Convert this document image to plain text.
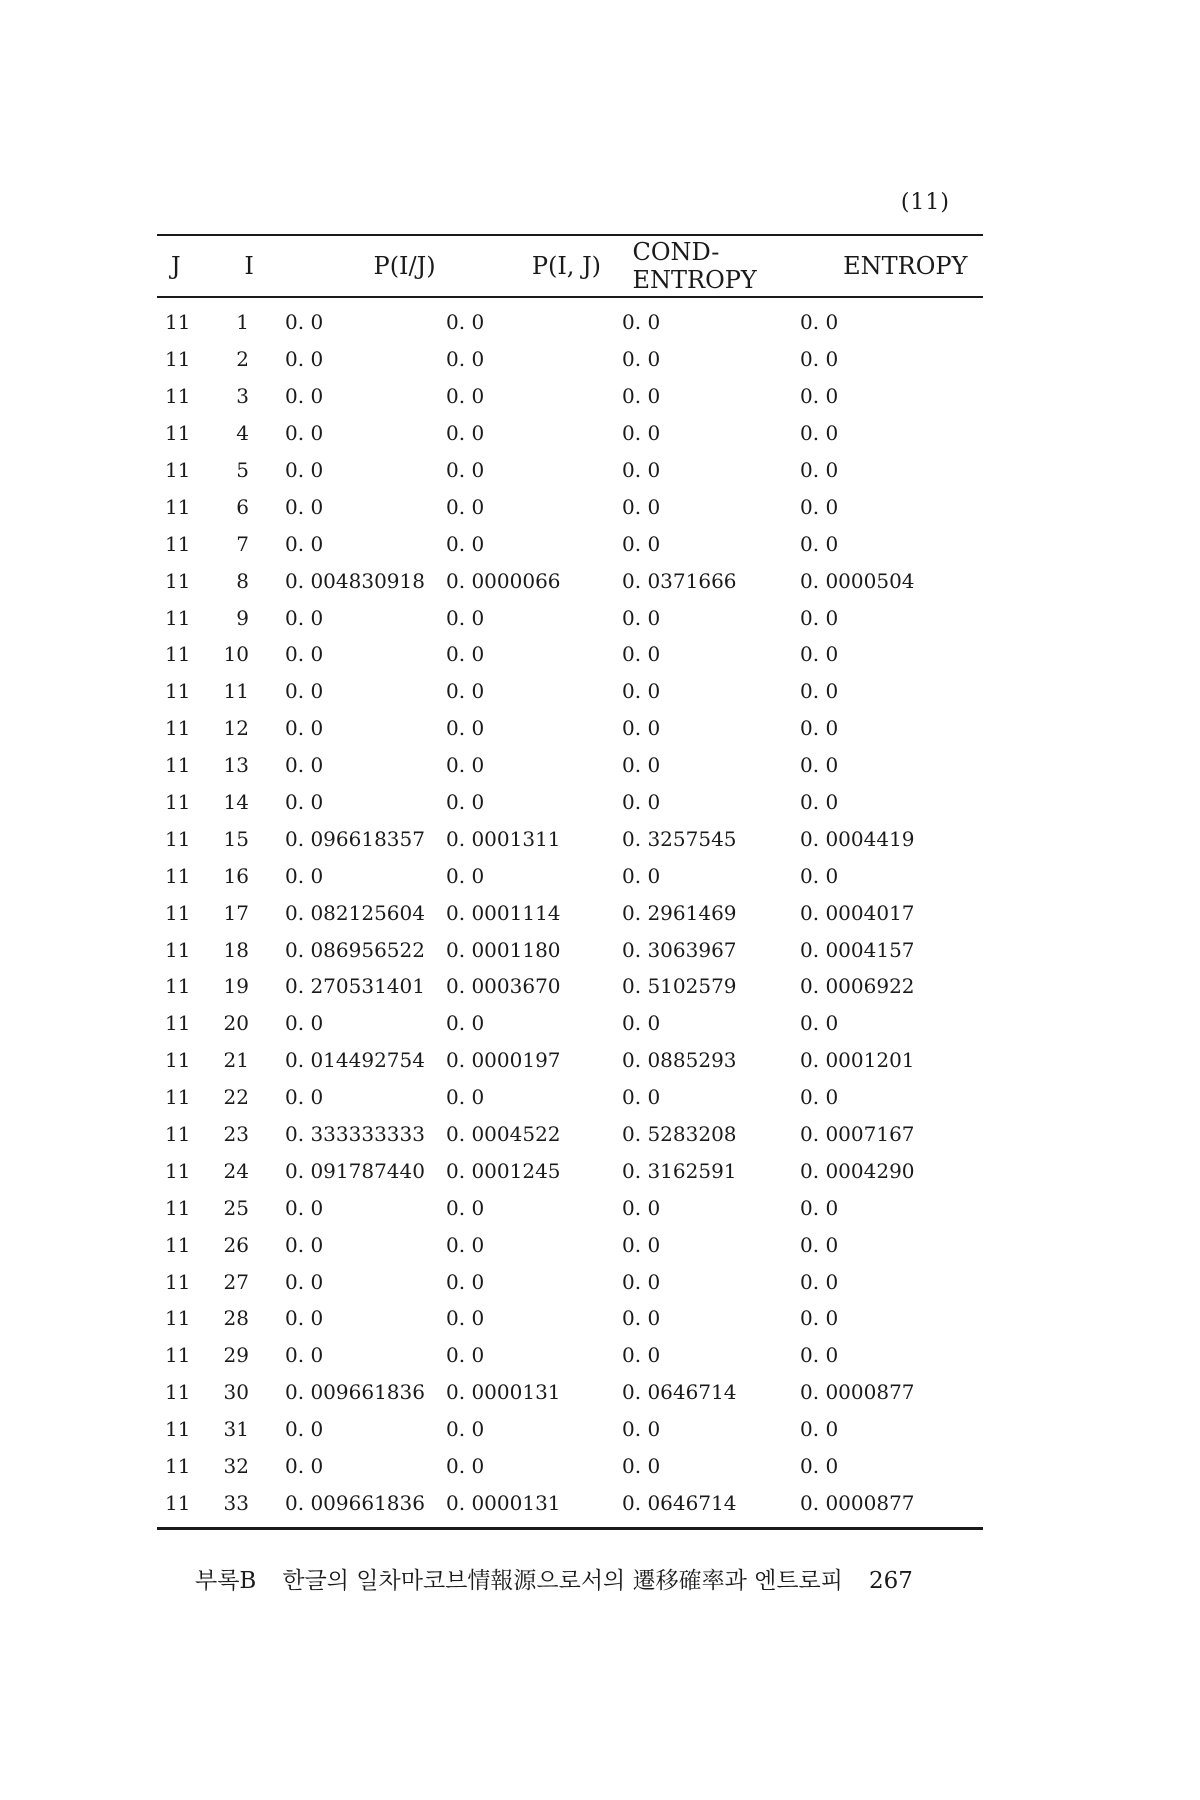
(11)
J	I	P(I/J)	P(I, J)	COND-ENTROPY	ENTROPY
11	1	0. 0	0. 0	0. 0	0. 0
11	2	0. 0	0. 0	0. 0	0. 0
11	3	0. 0	0. 0	0. 0	0. 0
11	4	0. 0	0. 0	0. 0	0. 0
11	5	0. 0	0. 0	0. 0	0. 0
11	6	0. 0	0. 0	0. 0	0. 0
11	7	0. 0	0. 0	0. 0	0. 0
11	8	0. 004830918	0. 0000066	0. 0371666	0. 0000504
11	9	0. 0	0. 0	0. 0	0. 0
11	10	0. 0	0. 0	0. 0	0. 0
11	11	0. 0	0. 0	0. 0	0. 0
11	12	0. 0	0. 0	0. 0	0. 0
11	13	0. 0	0. 0	0. 0	0. 0
11	14	0. 0	0. 0	0. 0	0. 0
11	15	0. 096618357	0. 0001311	0. 3257545	0. 0004419
11	16	0. 0	0. 0	0. 0	0. 0
11	17	0. 082125604	0. 0001114	0. 2961469	0. 0004017
11	18	0. 086956522	0. 0001180	0. 3063967	0. 0004157
11	19	0. 270531401	0. 0003670	0. 5102579	0. 0006922
11	20	0. 0	0. 0	0. 0	0. 0
11	21	0. 014492754	0. 0000197	0. 0885293	0. 0001201
11	22	0. 0	0. 0	0. 0	0. 0
11	23	0. 333333333	0. 0004522	0. 5283208	0. 0007167
11	24	0. 091787440	0. 0001245	0. 3162591	0. 0004290
11	25	0. 0	0. 0	0. 0	0. 0
11	26	0. 0	0. 0	0. 0	0. 0
11	27	0. 0	0. 0	0. 0	0. 0
11	28	0. 0	0. 0	0. 0	0. 0
11	29	0. 0	0. 0	0. 0	0. 0
11	30	0. 009661836	0. 0000131	0. 0646714	0. 0000877
11	31	0. 0	0. 0	0. 0	0. 0
11	32	0. 0	0. 0	0. 0	0. 0
11	33	0. 009661836	0. 0000131	0. 0646714	0. 0000877
부록B 한글의 일차마코브情報源으로서의 遷移確率과 엔트로피 267
